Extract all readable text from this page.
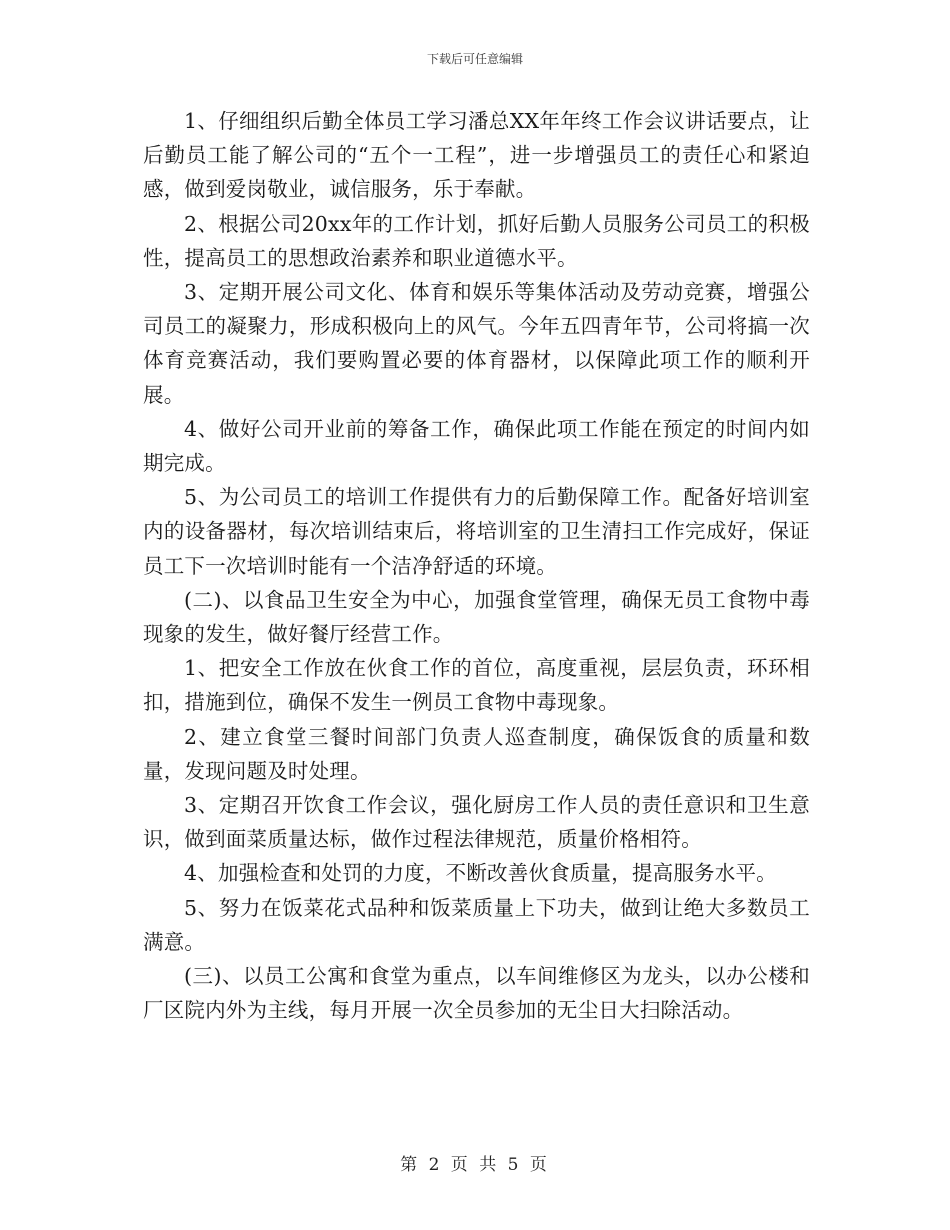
下载后可任意编辑

1、仔细组织后勤全体员工学习潘总XX年年终工作会议讲话要点，让后勤员工能了解公司的“五个一工程”，进一步增强员工的责任心和紧迫感，做到爱岗敬业，诚信服务，乐于奉献。

2、根据公司20xx年的工作计划，抓好后勤人员服务公司员工的积极性，提高员工的思想政治素养和职业道德水平。

3、定期开展公司文化、体育和娱乐等集体活动及劳动竞赛，增强公司员工的凝聚力，形成积极向上的风气。今年五四青年节，公司将搞一次体育竞赛活动，我们要购置必要的体育器材，以保障此项工作的顺利开展。

4、做好公司开业前的筹备工作，确保此项工作能在预定的时间内如期完成。

5、为公司员工的培训工作提供有力的后勤保障工作。配备好培训室内的设备器材，每次培训结束后，将培训室的卫生清扫工作完成好，保证员工下一次培训时能有一个洁净舒适的环境。

(二)、以食品卫生安全为中心，加强食堂管理，确保无员工食物中毒现象的发生，做好餐厅经营工作。

1、把安全工作放在伙食工作的首位，高度重视，层层负责，环环相扣，措施到位，确保不发生一例员工食物中毒现象。

2、建立食堂三餐时间部门负责人巡查制度，确保饭食的质量和数量，发现问题及时处理。

3、定期召开饮食工作会议，强化厨房工作人员的责任意识和卫生意识，做到面菜质量达标，做作过程法律规范，质量价格相符。

4、加强检查和处罚的力度，不断改善伙食质量，提高服务水平。

5、努力在饭菜花式品种和饭菜质量上下功夫，做到让绝大多数员工满意。

(三)、以员工公寓和食堂为重点，以车间维修区为龙头，以办公楼和厂区院内外为主线，每月开展一次全员参加的无尘日大扫除活动。

第 2 页 共 5 页
